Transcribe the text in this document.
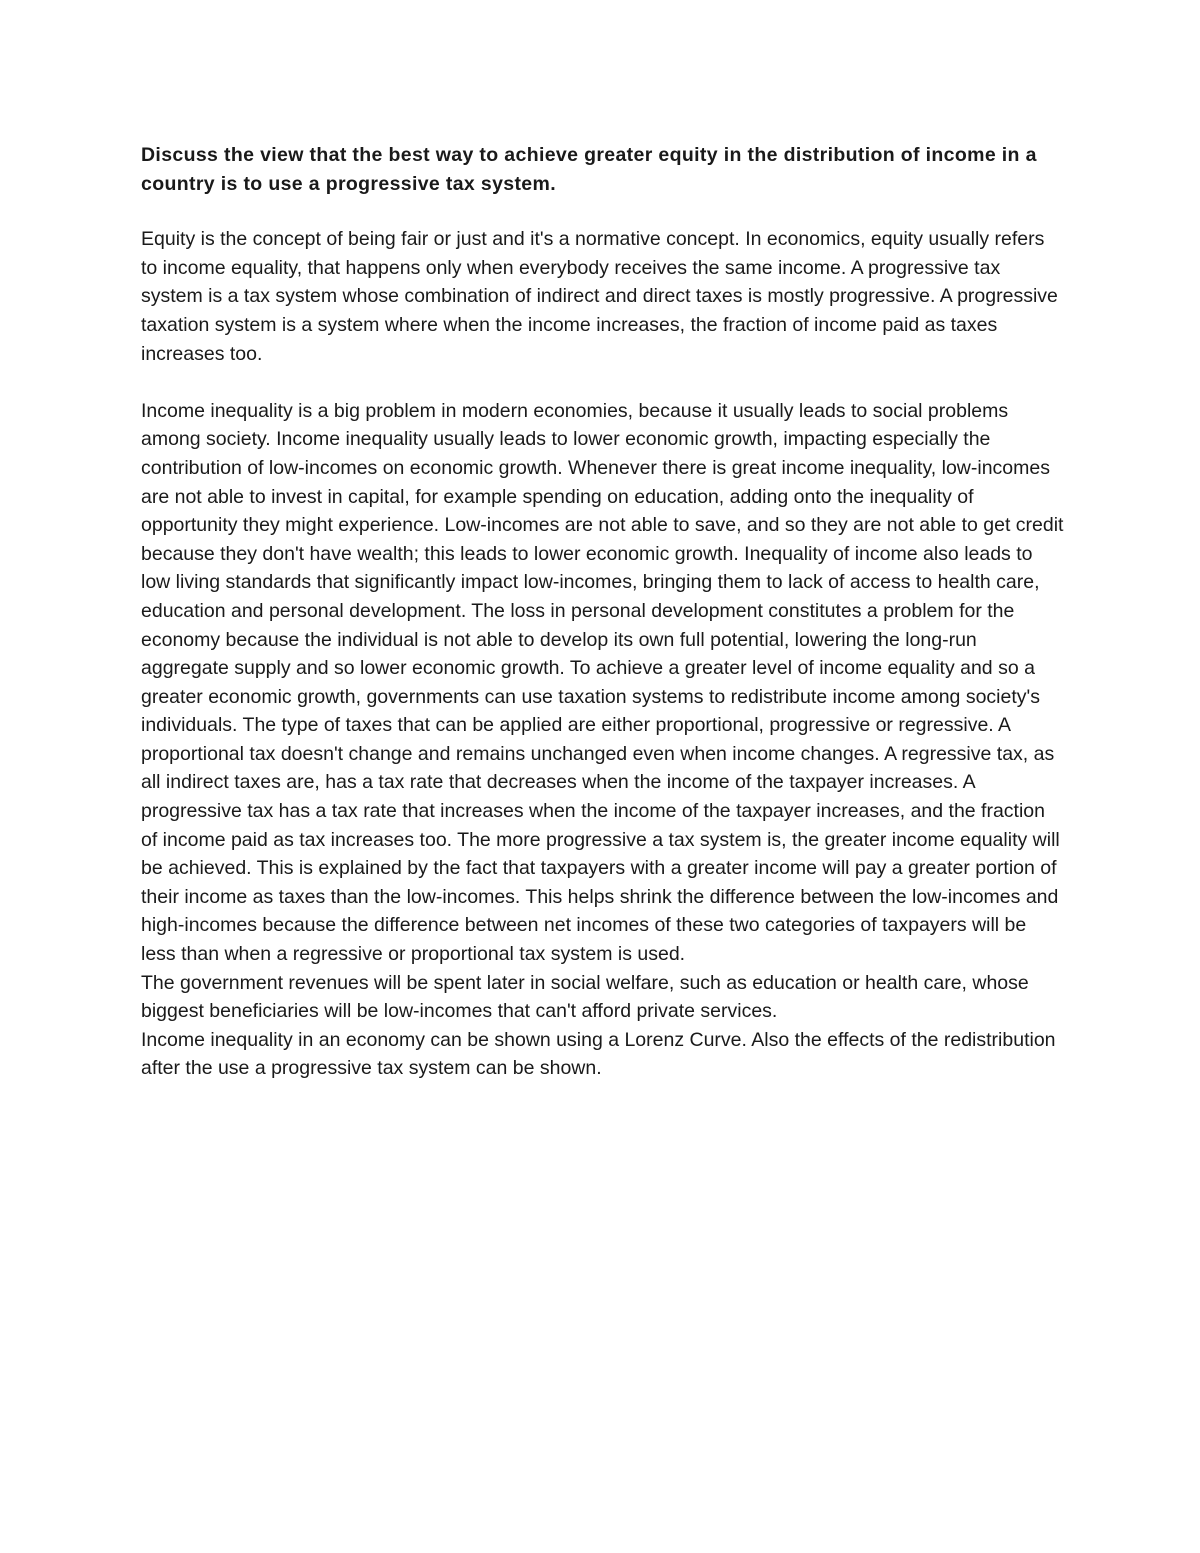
Discuss the view that the best way to achieve greater equity in the distribution of income in a country is to use a progressive tax system.

Equity is the concept of being fair or just and it's a normative concept. In economics, equity usually refers to income equality, that happens only when everybody receives the same income. A progressive tax system is a tax system whose combination of indirect and direct taxes is mostly progressive. A progressive taxation system is a system where when the income increases, the fraction of income paid as taxes increases too.

Income inequality is a big problem in modern economies, because it usually leads to social problems among society. Income inequality usually leads to lower economic growth, impacting especially the contribution of low-incomes on economic growth. Whenever there is great income inequality, low-incomes are not able to invest in capital, for example spending on education, adding onto the inequality of opportunity they might experience. Low-incomes are not able to save, and so they are not able to get credit because they don't have wealth; this leads to lower economic growth. Inequality of income also leads to low living standards that significantly impact low-incomes, bringing them to lack of access to health care, education and personal development. The loss in personal development constitutes a problem for the economy because the individual is not able to develop its own full potential, lowering the long-run aggregate supply and so lower economic growth. To achieve a greater level of income equality and so a greater economic growth, governments can use taxation systems to redistribute income among society's individuals. The type of taxes that can be applied are either proportional, progressive or regressive. A proportional tax doesn't change and remains unchanged even when income changes. A regressive tax, as all indirect taxes are, has a tax rate that decreases when the income of the taxpayer increases. A progressive tax has a tax rate that increases when the income of the taxpayer increases, and the fraction of income paid as tax increases too. The more progressive a tax system is, the greater income equality will be achieved. This is explained by the fact that taxpayers with a greater income will pay a greater portion of their income as taxes than the low-incomes. This helps shrink the difference between the low-incomes and high-incomes because the difference between net incomes of these two categories of taxpayers will be less than when a regressive or proportional tax system is used.

The government revenues will be spent later in social welfare, such as education or health care, whose biggest beneficiaries will be low-incomes that can't afford private services.

Income inequality in an economy can be shown using a Lorenz Curve. Also the effects of the redistribution after the use a progressive tax system can be shown.
